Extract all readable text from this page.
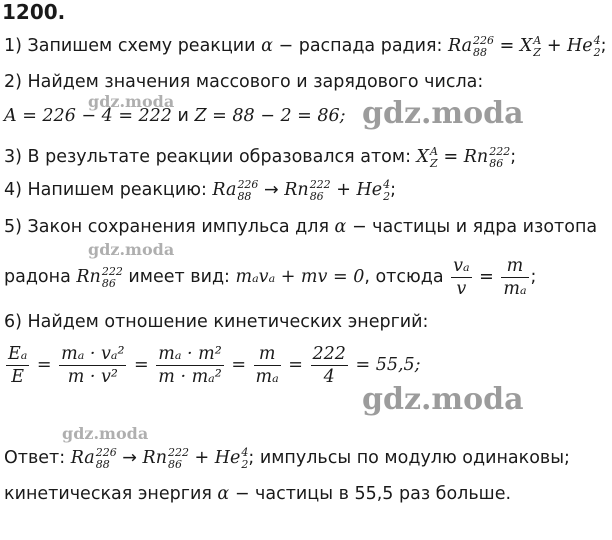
1200.
1) Запишем схему реакции α − распада радия: Ra 226
88 = X A
Z + He 4
2 ;
2) Найдем значения массового и зарядового числа:
A = 226 − 4 = 222 и Z = 88 − 2 = 86;
3) В результате реакции образовался атом: X A
Z = Rn 222
86 ;
4) Напишем реакцию: Ra 226
88 → Rn 222
86 + He 4
2 ;
5) Закон сохранения импульса для α − частицы и ядра изотопа
радона Rn 222
86 имеет вид: mₐvₐ + mv = 0, отсюда $\frac{\text{vₐ}}{v} = \frac{m}{\text{mₐ}}$ ;
6) Найдем отношение кинетических энергий:
$\frac{\text{Eₐ}}{E} = \frac{\text{mₐ · vₐ²}}{\text{m · v²}} = \frac{\text{mₐ · m²}}{\text{m · mₐ²}} = \frac{m}{\text{mₐ}} = \frac{222}{4} = 55,5$;
Ответ: Ra 226
88 → Rn 222
86 + He 4
2 ; импульсы по модулю одинаковы;
кинетическая энергия α − частицы в 55,5 раз больше.
gdz.moda	gdz.moda
gdz.moda
gdz.moda
gdz.moda
